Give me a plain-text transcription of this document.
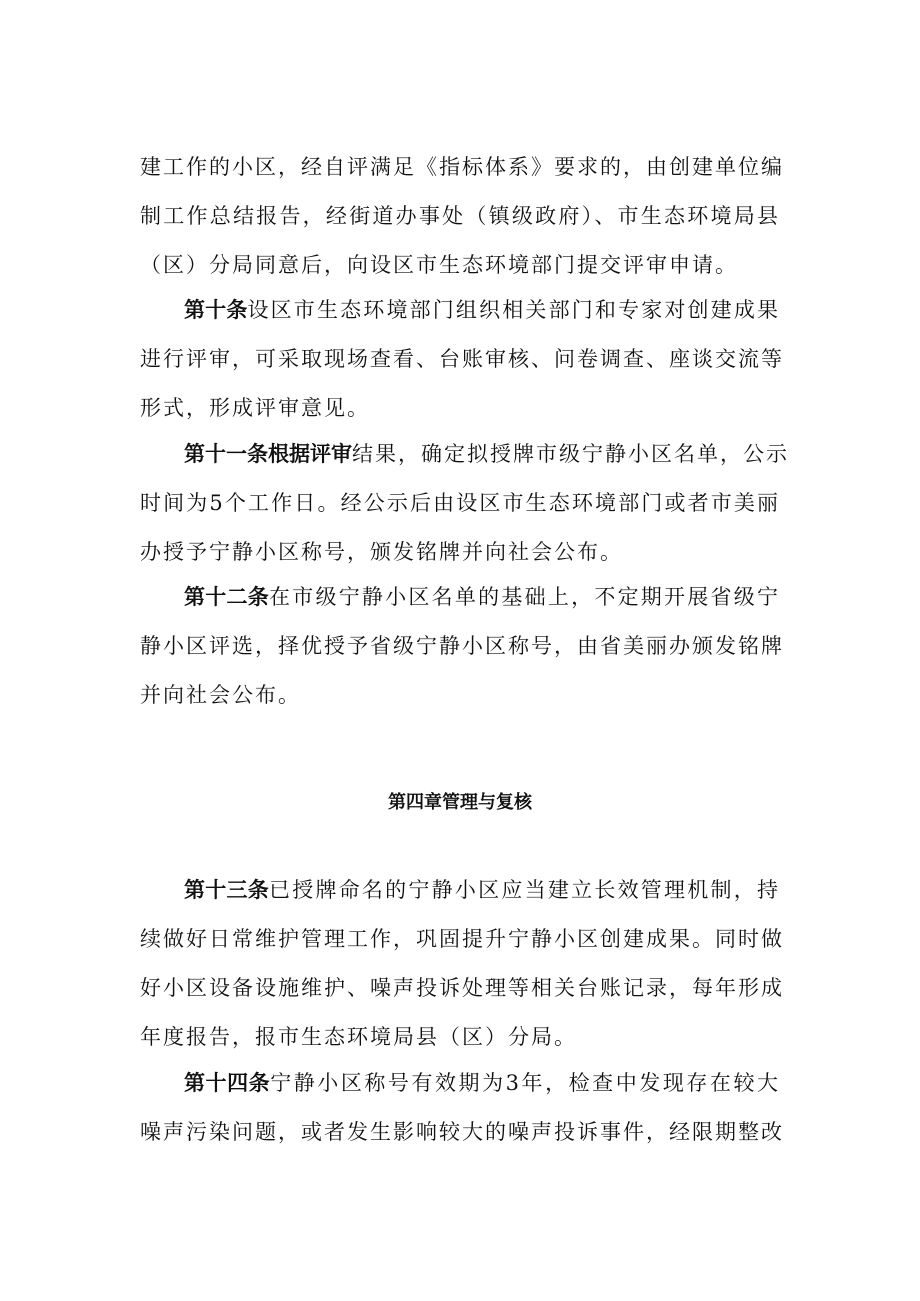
建工作的小区，经自评满足《指标体系》要求的，由创建单位编
制工作总结报告，经街道办事处（镇级政府）、市生态环境局县
（区）分局同意后，向设区市生态环境部门提交评审申请。
第十条设区市生态环境部门组织相关部门和专家对创建成果
进行评审，可采取现场查看、台账审核、问卷调查、座谈交流等
形式，形成评审意见。
第十一条根据评审结果，确定拟授牌市级宁静小区名单，公示
时间为5个工作日。经公示后由设区市生态环境部门或者市美丽
办授予宁静小区称号，颁发铭牌并向社会公布。
第十二条在市级宁静小区名单的基础上，不定期开展省级宁
静小区评选，择优授予省级宁静小区称号，由省美丽办颁发铭牌
并向社会公布。
第四章管理与复核
第十三条已授牌命名的宁静小区应当建立长效管理机制，持
续做好日常维护管理工作，巩固提升宁静小区创建成果。同时做
好小区设备设施维护、噪声投诉处理等相关台账记录，每年形成
年度报告，报市生态环境局县（区）分局。
第十四条宁静小区称号有效期为3年，检查中发现存在较大
噪声污染问题，或者发生影响较大的噪声投诉事件，经限期整改
